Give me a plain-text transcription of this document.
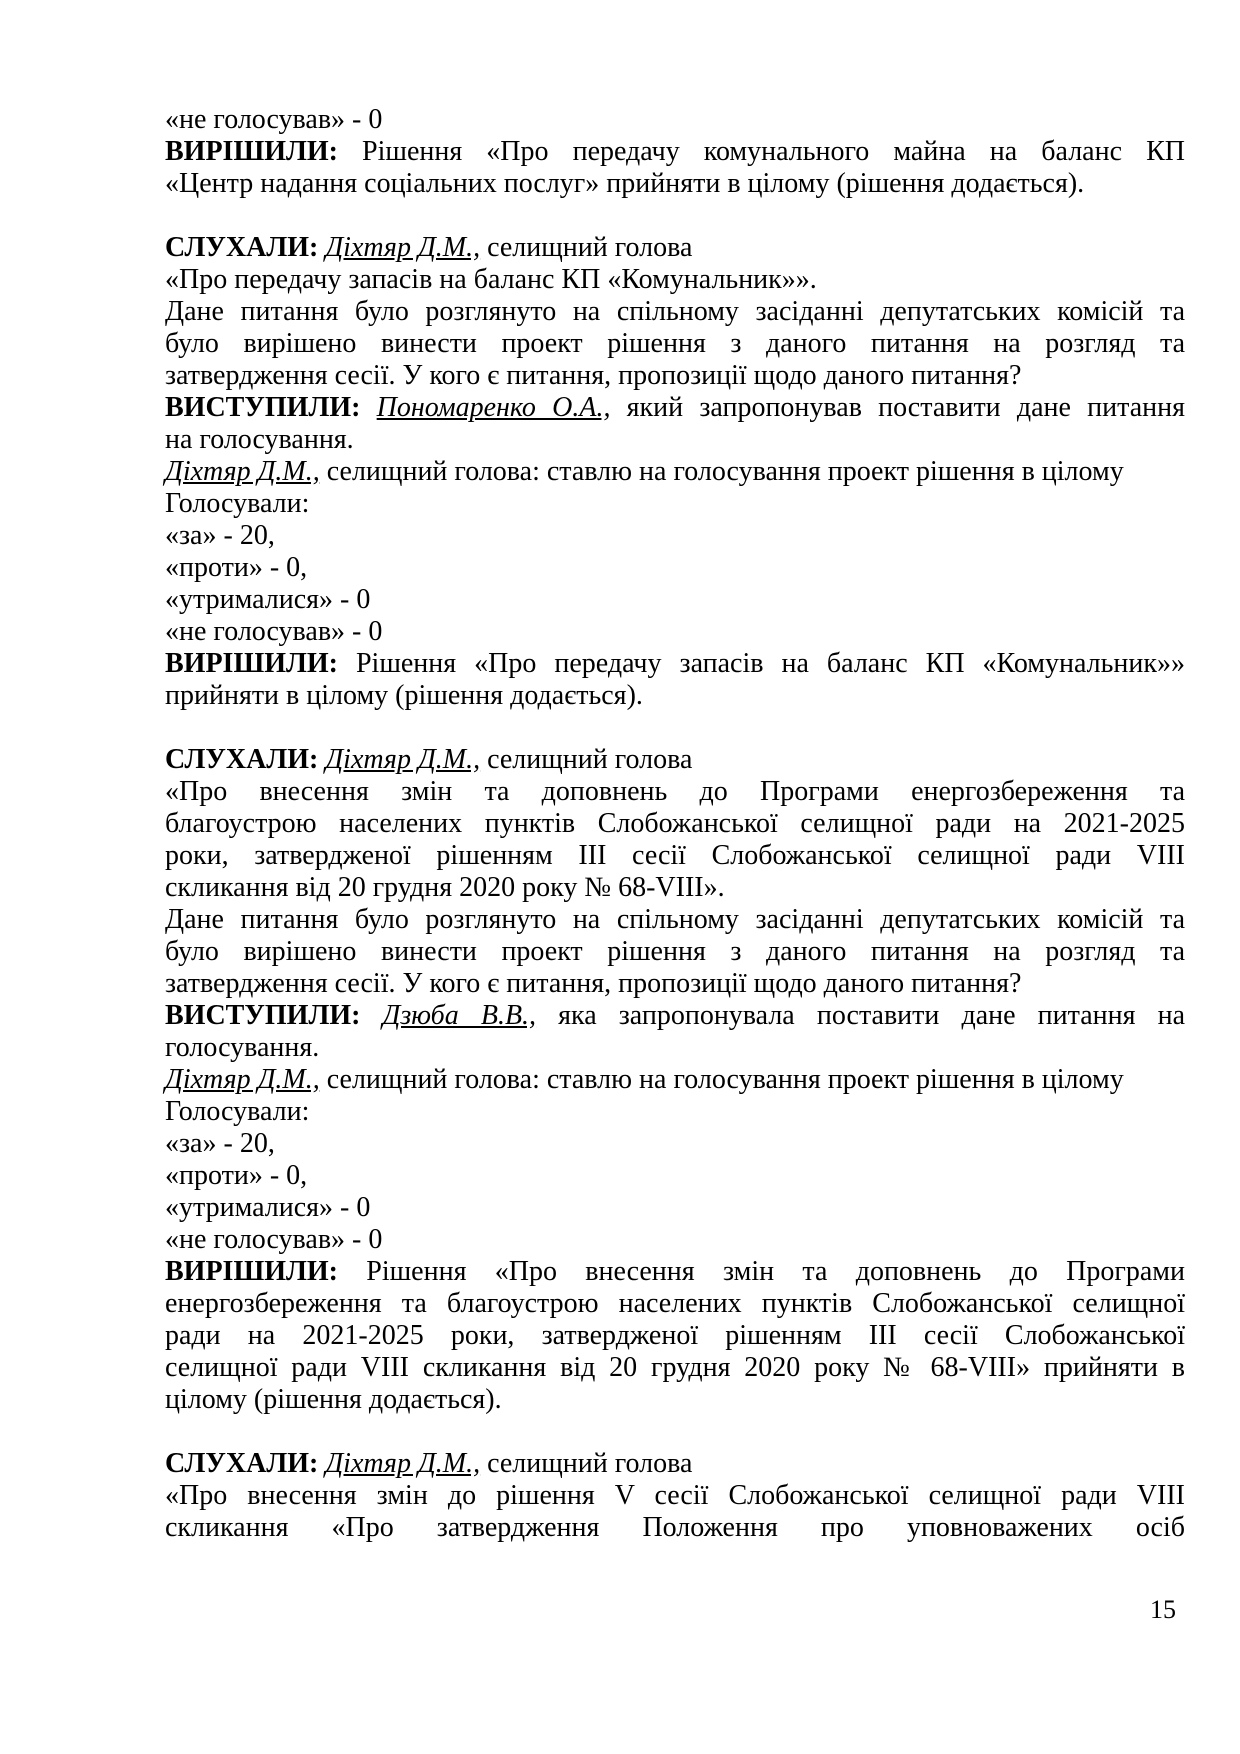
«не голосував» - 0

ВИРІШИЛИ: Рішення «Про передачу комунального майна на баланс КП

«Центр надання соціальних послуг» прийняти в цілому (рішення додається).

СЛУХАЛИ: Діхтяр Д.М., селищний голова

«Про передачу запасів на баланс КП «Комунальник»».

Дане питання було розглянуто на спільному засіданні депутатських комісій та

було вирішено винести проект рішення з даного питання на розгляд та

затвердження сесії. У кого є питання, пропозиції щодо даного питання?

ВИСТУПИЛИ: Пономаренко О.А., який запропонував поставити дане питання

на голосування.

Діхтяр Д.М., селищний голова: ставлю на голосування проект рішення в цілому

Голосували:

«за» - 20,

«проти» - 0,

«утрималися» - 0

«не голосував» - 0

ВИРІШИЛИ: Рішення «Про передачу запасів на баланс КП «Комунальник»»

прийняти в цілому (рішення додається).

СЛУХАЛИ: Діхтяр Д.М., селищний голова

«Про внесення змін та доповнень до Програми енергозбереження та

благоустрою населених пунктів Слобожанської селищної ради на 2021-2025

роки, затвердженої рішенням ІІІ сесії Слобожанської селищної ради VIII

скликання від 20 грудня 2020 року № 68-VIII».

Дане питання було розглянуто на спільному засіданні депутатських комісій та

було вирішено винести проект рішення з даного питання на розгляд та

затвердження сесії. У кого є питання, пропозиції щодо даного питання?

ВИСТУПИЛИ: Дзюба В.В., яка запропонувала поставити дане питання на

голосування.

Діхтяр Д.М., селищний голова: ставлю на голосування проект рішення в цілому

Голосували:

«за» - 20,

«проти» - 0,

«утрималися» - 0

«не голосував» - 0

ВИРІШИЛИ: Рішення «Про внесення змін та доповнень до Програми

енергозбереження та благоустрою населених пунктів Слобожанської селищної

ради на 2021-2025 роки, затвердженої рішенням ІІІ сесії Слобожанської

селищної ради VIII скликання від 20 грудня 2020 року № 68-VIII» прийняти в

цілому (рішення додається).

СЛУХАЛИ: Діхтяр Д.М., селищний голова

«Про внесення змін до рішення V сесії Слобожанської селищної ради VIII

скликання «Про затвердження Положення про уповноважених осіб

15
